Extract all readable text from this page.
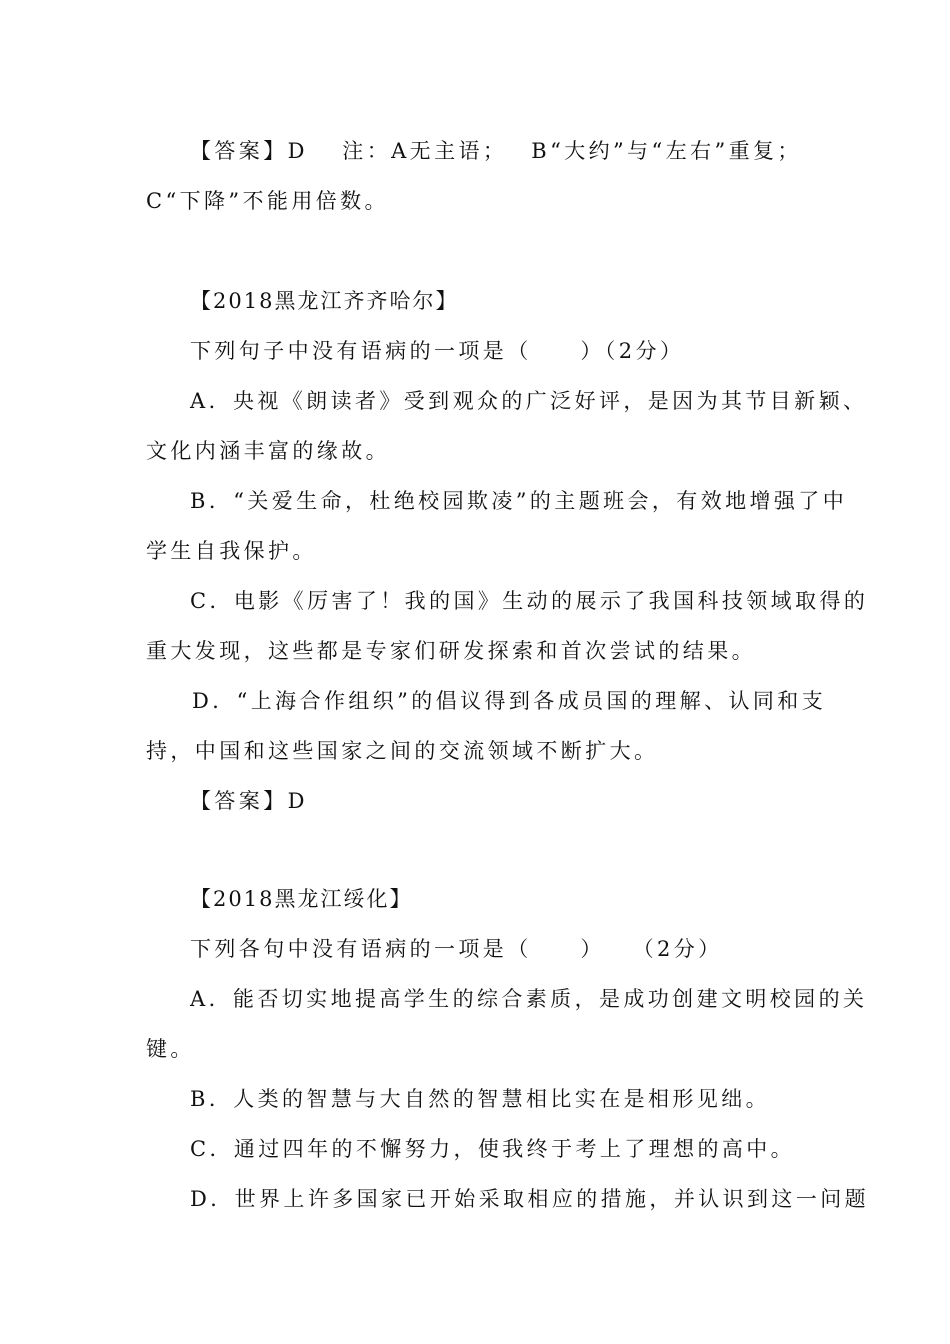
【答案】D　 注：A无主语；　 B“大约”与“左右”重复；
C“下降”不能用倍数。
【2018黑龙江齐齐哈尔】
下列句子中没有语病的一项是（　　）（2分）
A．央视《朗读者》受到观众的广泛好评，是因为其节目新颖、
文化内涵丰富的缘故。
B．“关爱生命，杜绝校园欺凌”的主题班会，有效地增强了中
学生自我保护。
C．电影《厉害了！我的国》生动的展示了我国科技领域取得的
重大发现，这些都是专家们研发探索和首次尝试的结果。
D．“上海合作组织”的倡议得到各成员国的理解、认同和支
持，中国和这些国家之间的交流领域不断扩大。
【答案】D
【2018黑龙江绥化】
下列各句中没有语病的一项是（　　）　　（2分）
A．能否切实地提高学生的综合素质，是成功创建文明校园的关
键。
B．人类的智慧与大自然的智慧相比实在是相形见绌。
C．通过四年的不懈努力，使我终于考上了理想的高中。
D．世界上许多国家已开始采取相应的措施，并认识到这一问题
